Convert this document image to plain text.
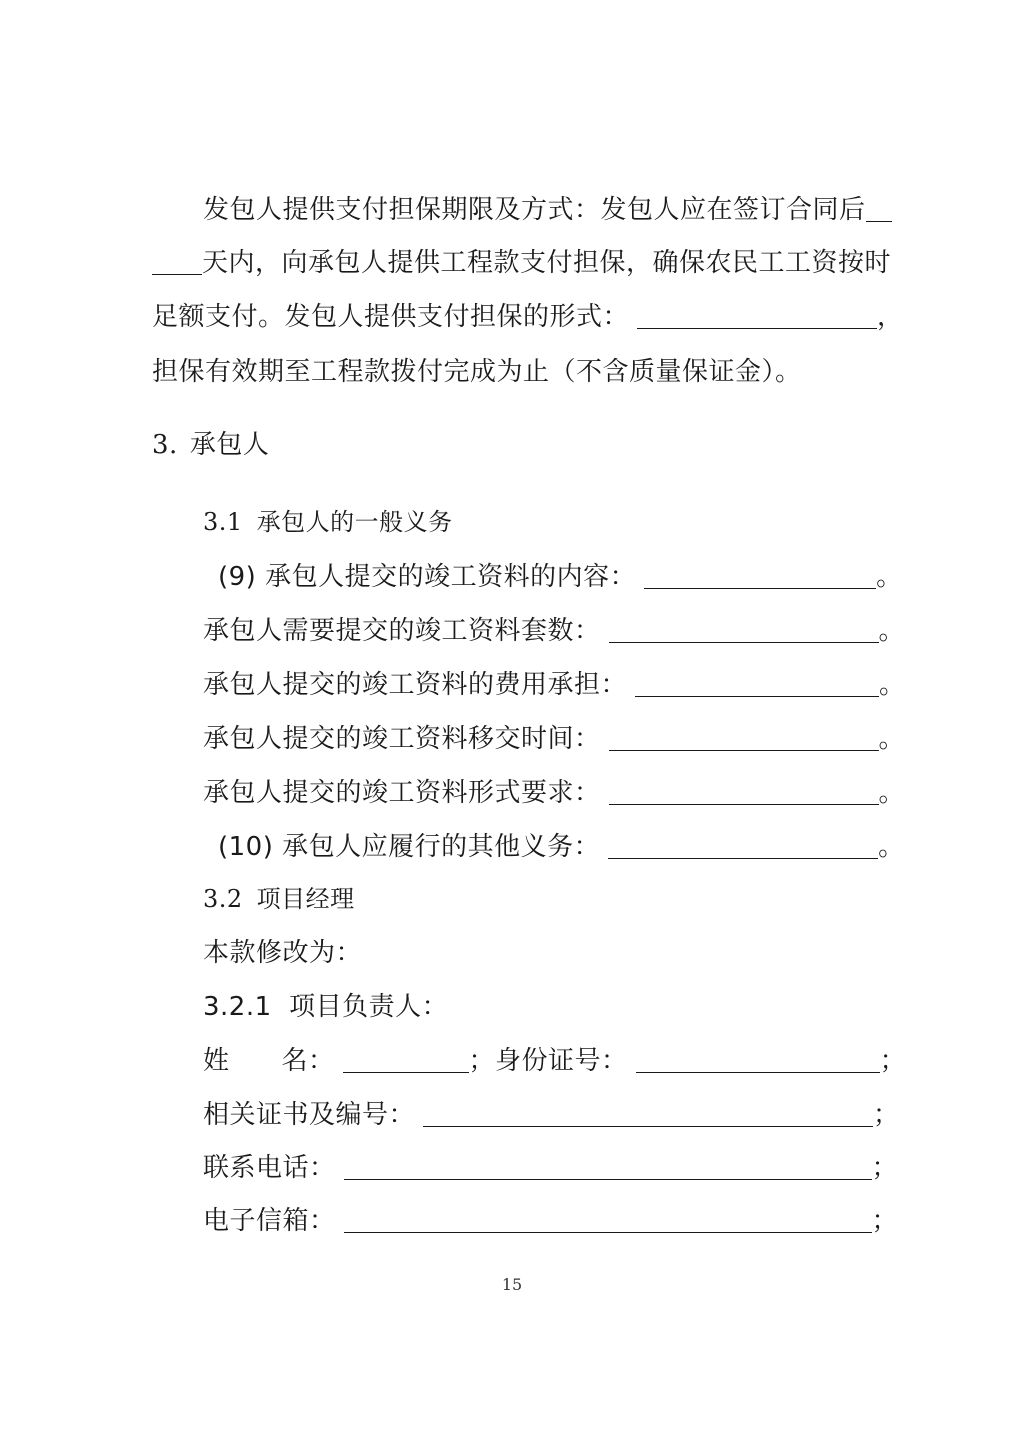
发包人提供支付担保期限及方式：发包人应在签订合同后
天内，向承包人提供工程款支付担保，确保农民工工资按时
足额支付。发包人提供支付担保的形式：	，
担保有效期至工程款拨付完成为止（不含质量保证金）。
3. 承包人
3.1 承包人的一般义务
(9) 承包人提交的竣工资料的内容：	。
承包人需要提交的竣工资料套数：	。
承包人提交的竣工资料的费用承担：	。
承包人提交的竣工资料移交时间：	。
承包人提交的竣工资料形式要求：	。
(10) 承包人应履行的其他义务：	。
3.2 项目经理
本款修改为：
3.2.1  项目负责人：
姓 名：	；身份证号：	；
相关证书及编号：	；
联系电话：	；
电子信箱：	；
15
